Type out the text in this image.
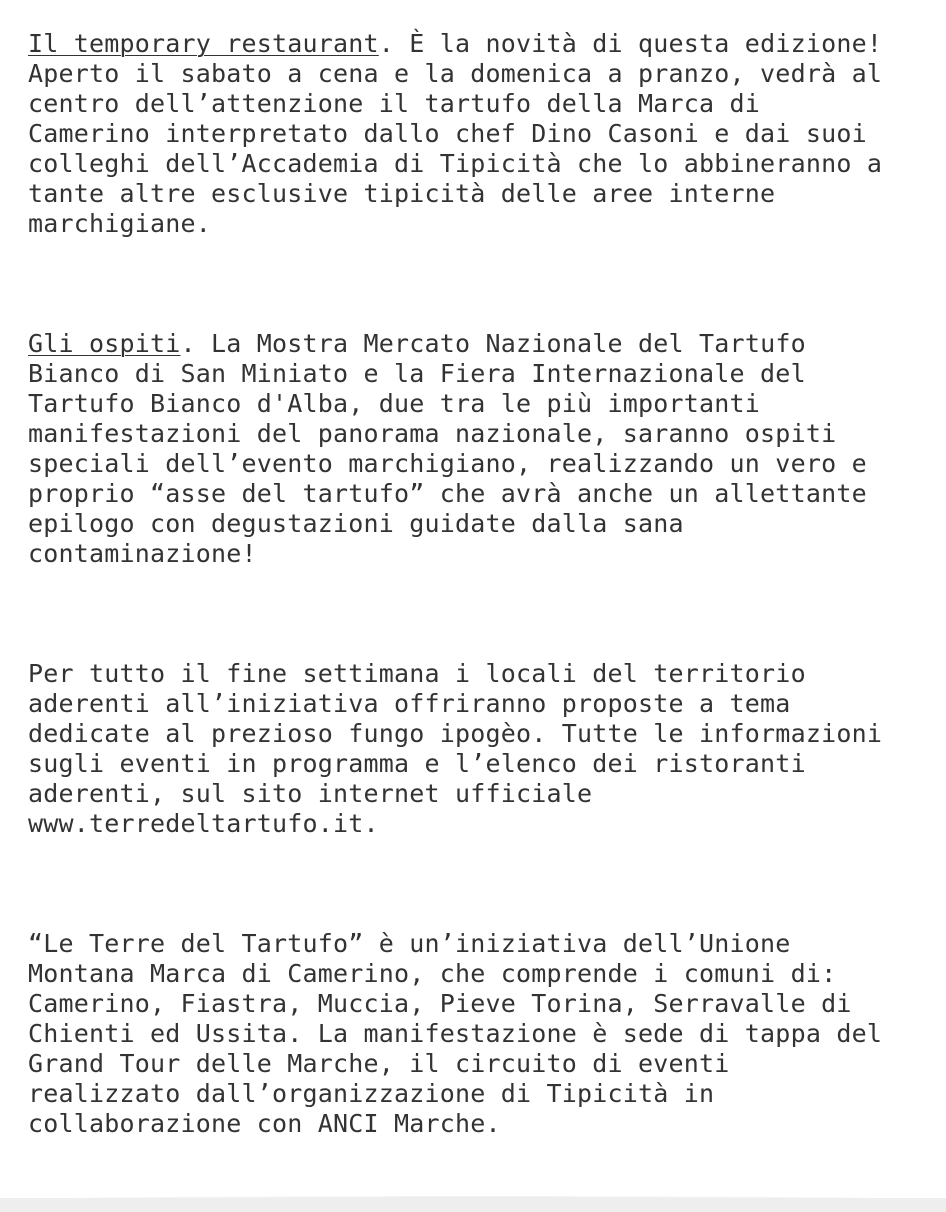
Il temporary restaurant. È la novità di questa edizione!
Aperto il sabato a cena e la domenica a pranzo, vedrà al
centro dell’attenzione il tartufo della Marca di
Camerino interpretato dallo chef Dino Casoni e dai suoi
colleghi dell’Accademia di Tipicità che lo abbineranno a
tante altre esclusive tipicità delle aree interne
marchigiane.

Gli ospiti. La Mostra Mercato Nazionale del Tartufo
Bianco di San Miniato e la Fiera Internazionale del
Tartufo Bianco d'Alba, due tra le più importanti
manifestazioni del panorama nazionale, saranno ospiti
speciali dell’evento marchigiano, realizzando un vero e
proprio “asse del tartufo” che avrà anche un allettante
epilogo con degustazioni guidate dalla sana
contaminazione!

Per tutto il fine settimana i locali del territorio
aderenti all’iniziativa offriranno proposte a tema
dedicate al prezioso fungo ipogèo. Tutte le informazioni
sugli eventi in programma e l’elenco dei ristoranti
aderenti, sul sito internet ufficiale
www.terredeltartufo.it.

“Le Terre del Tartufo” è un’iniziativa dell’Unione
Montana Marca di Camerino, che comprende i comuni di:
Camerino, Fiastra, Muccia, Pieve Torina, Serravalle di
Chienti ed Ussita. La manifestazione è sede di tappa del
Grand Tour delle Marche, il circuito di eventi
realizzato dall’organizzazione di Tipicità in
collaborazione con ANCI Marche.
